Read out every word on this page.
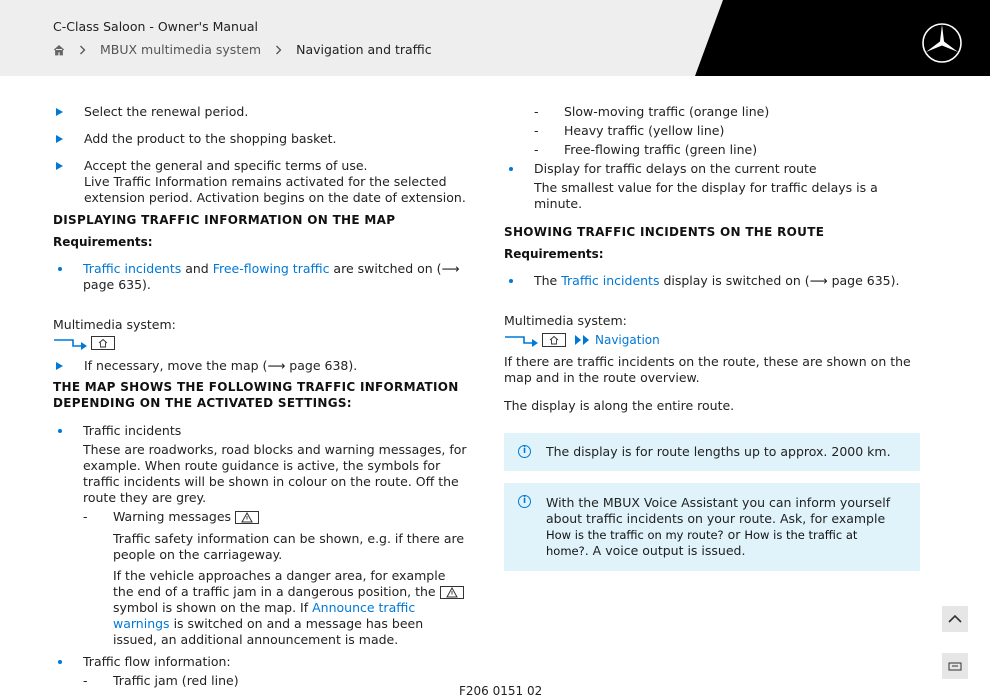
C-Class Saloon - Owner's Manual
MBUX multimedia system	Navigation and traffic
Select the renewal period.
Add the product to the shopping basket.
Accept the general and specific terms of use.
Live Traffic Information remains activated for the selected extension period. Activation begins on the date of extension.
DISPLAYING TRAFFIC INFORMATION ON THE MAP
Requirements:
Traffic incidents and Free-flowing traffic are switched on (⟶ page 635).
Multimedia system:
If necessary, move the map (⟶ page 638).
THE MAP SHOWS THE FOLLOWING TRAFFIC INFORMATION DEPENDING ON THE ACTIVATED SETTINGS:
Traffic incidents
These are roadworks, road blocks and warning messages, for example. When route guidance is active, the symbols for traffic incidents will be shown in colour on the route. Off the route they are grey.
- Warning messages
Traffic safety information can be shown, e.g. if there are people on the carriageway.
If the vehicle approaches a danger area, for example the end of a traffic jam in a dangerous position, the
symbol is shown on the map. If Announce traffic warnings is switched on and a message has been issued, an additional announcement is made.
Traffic flow information:
- Traffic jam (red line)
- Slow-moving traffic (orange line)
- Heavy traffic (yellow line)
- Free-flowing traffic (green line)
Display for traffic delays on the current route
The smallest value for the display for traffic delays is a minute.
SHOWING TRAFFIC INCIDENTS ON THE ROUTE
Requirements:
The Traffic incidents display is switched on (⟶ page 635).
Multimedia system:
Navigation
If there are traffic incidents on the route, these are shown on the map and in the route overview.
The display is along the entire route.
i	The display is for route lengths up to approx. 2000 km.
i	With the MBUX Voice Assistant you can inform yourself about traffic incidents on your route. Ask, for example How is the traffic on my route? or How is the traffic at home?. A voice output is issued.
F206 0151 02
